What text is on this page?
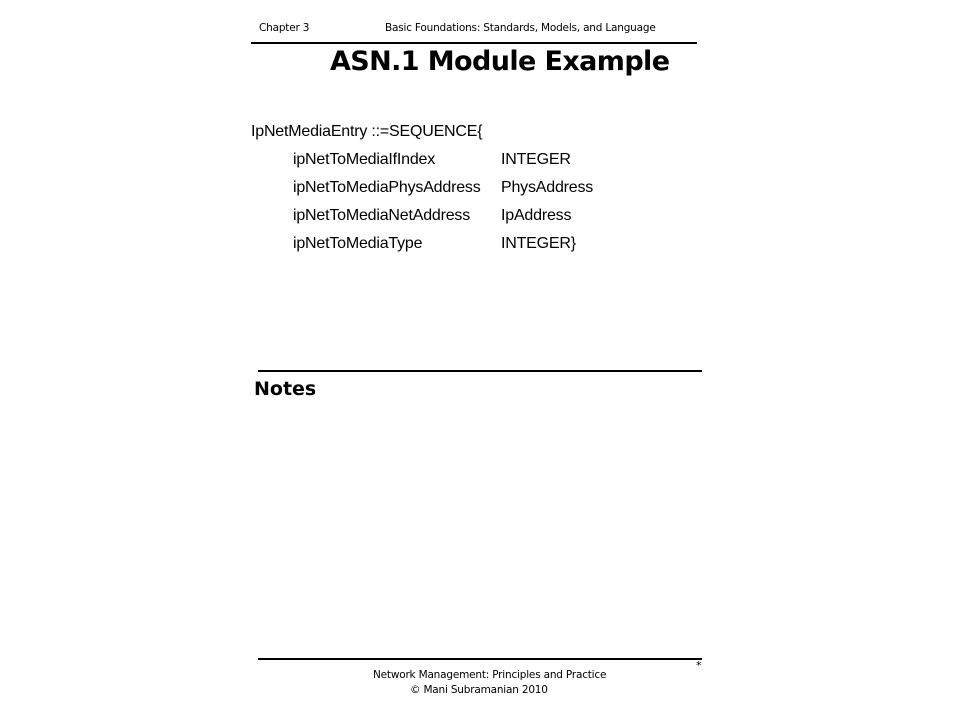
Chapter 3	Basic Foundations: Standards, Models, and Language
ASN.1 Module Example
IpNetMediaEntry ::=SEQUENCE{
ipNetToMediaIfIndex	INTEGER
ipNetToMediaPhysAddress PhysAddress
ipNetToMediaNetAddress IpAddress
ipNetToMediaType	INTEGER}
Notes
*
Network Management: Principles and Practice
© Mani Subramanian 2010
